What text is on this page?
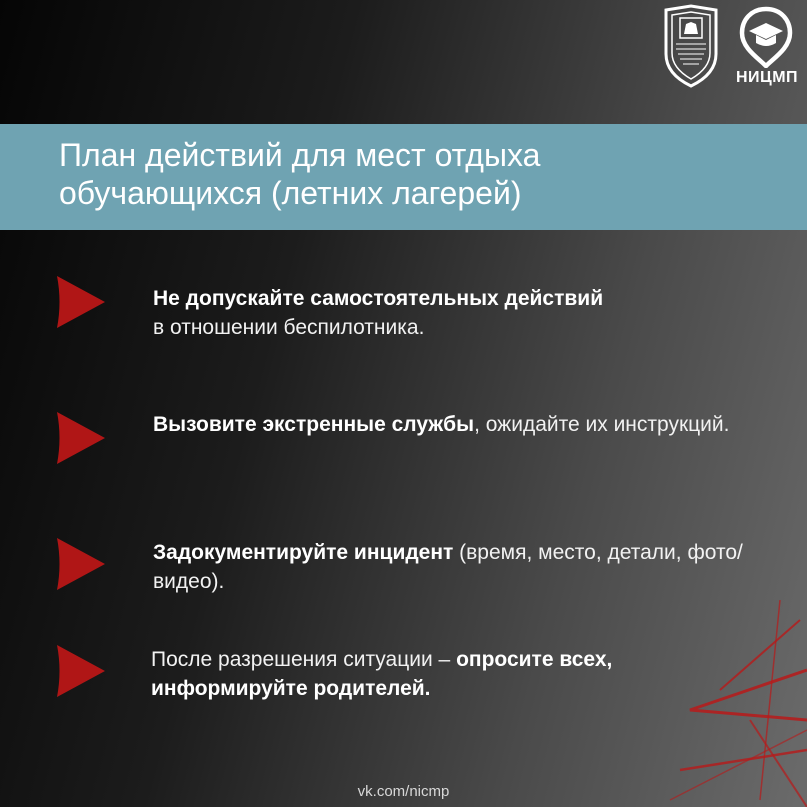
НИЦМП
План действий для мест отдыха
обучающихся (летних лагерей)
Не допускайте самостоятельных действий
в отношении беспилотника.
Вызовите экстренные службы, ожидайте их инструкций.
Задокументируйте инцидент (время, место, детали, фото/видео).
После разрешения ситуации – опросите всех, информируйте родителей.
vk.com/nicmp
